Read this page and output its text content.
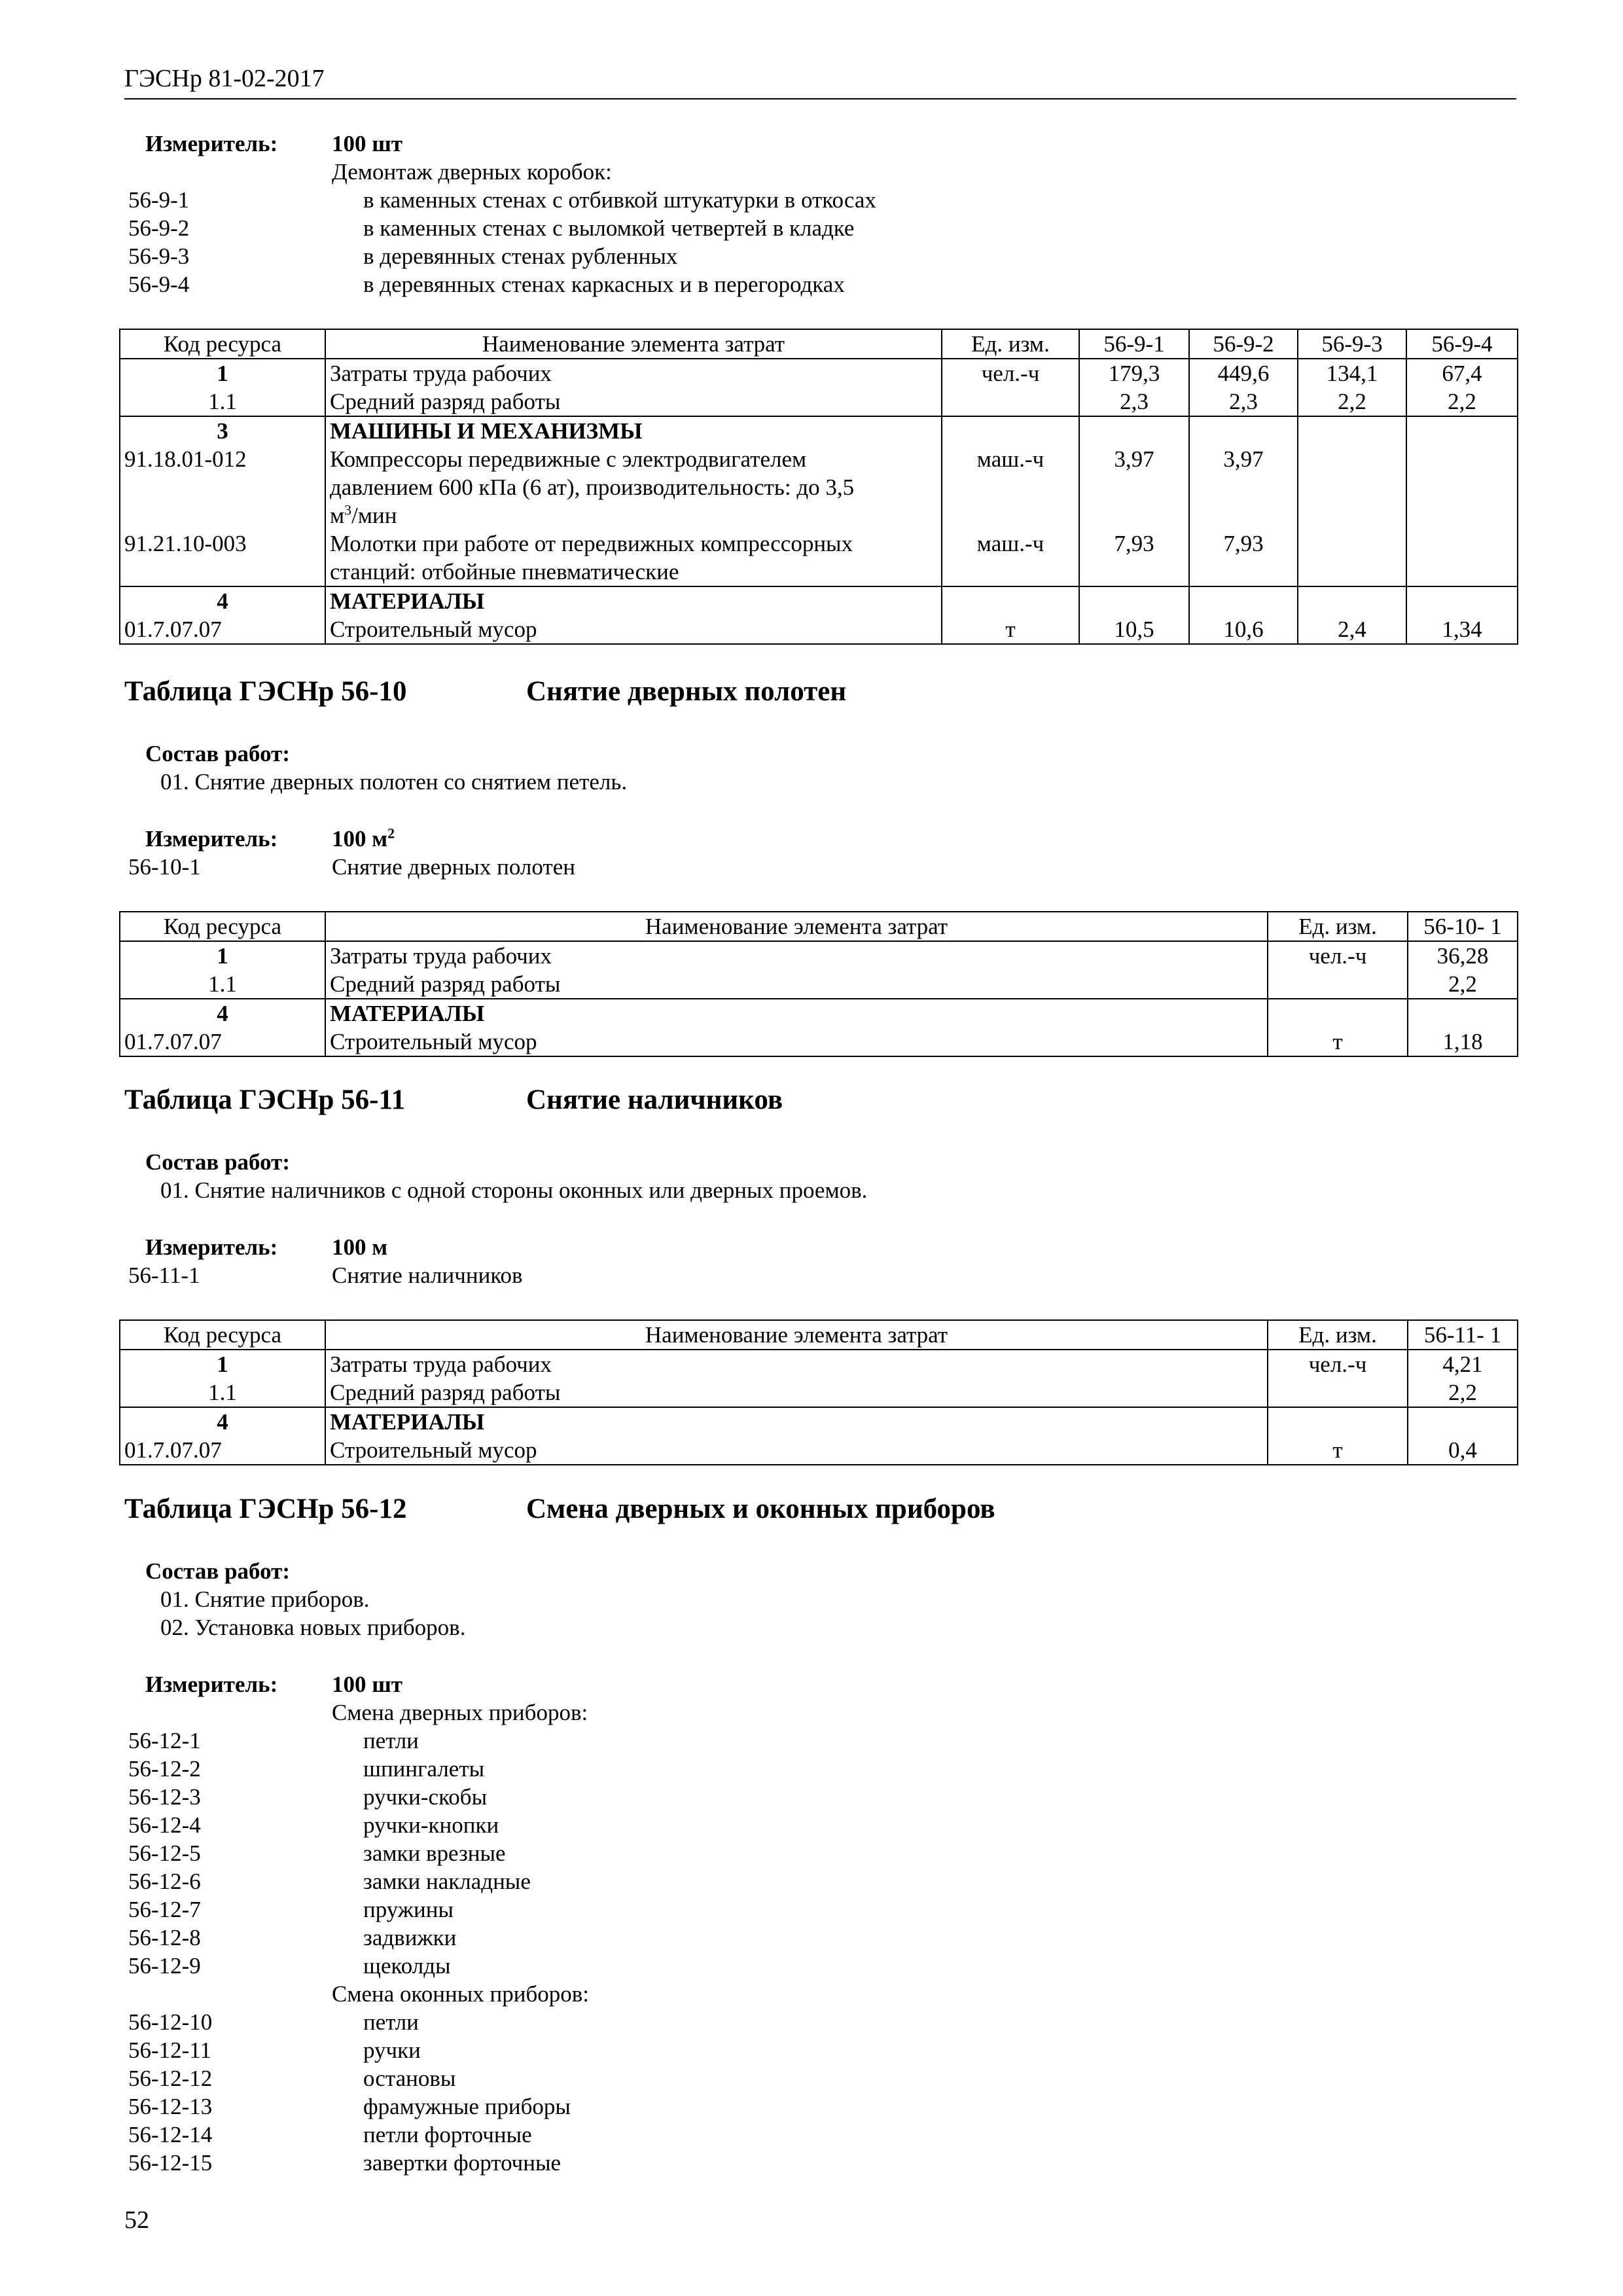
ГЭСНр 81-02-2017
Измеритель: 100 шт
Демонтаж дверных коробок:
56-9-1	в каменных стенах с отбивкой штукатурки в откосах
56-9-2	в каменных стенах с выломкой четвертей в кладке
56-9-3	в деревянных стенах рубленных
56-9-4	в деревянных стенах каркасных и в перегородках
Код ресурса	Наименование элемента затрат	Ед. изм.	56-9-1	56-9-2	56-9-3	56-9-4
1	Затраты труда рабочих	чел.-ч	179,3	449,6	134,1	67,4
1.1	Средний разряд работы		2,3	2,3	2,2	2,2
3	МАШИНЫ И МЕХАНИЗМЫ					
91.18.01-012	Компрессоры передвижные с электродвигателем
давлением 600 кПа (6 ат), производительность: до 3,5
$м^3$/мин	маш.-ч	3,97	3,97		
91.21.10-003	Молотки при работе от передвижных компрессорных
станций: отбойные пневматические	маш.-ч	7,93	7,93		
4	МАТЕРИАЛЫ					
01.7.07.07	Строительный мусор	т	10,5	10,6	2,4	1,34
Таблица ГЭСНр 56-10	Снятие дверных полотен
Состав работ:
01. Снятие дверных полотен со снятием петель.
Измеритель: 100 $м^2$
56-10-1	Снятие дверных полотен
Код ресурса	Наименование элемента затрат	Ед. изм.	56-10- 1
1	Затраты труда рабочих	чел.-ч	36,28
1.1	Средний разряд работы		2,2
4	МАТЕРИАЛЫ		
01.7.07.07	Строительный мусор	т	1,18
Таблица ГЭСНр 56-11	Снятие наличников
Состав работ:
01. Снятие наличников с одной стороны оконных или дверных проемов.
Измеритель: 100 м
56-11-1	Снятие наличников
Код ресурса	Наименование элемента затрат	Ед. изм.	56-11- 1
1	Затраты труда рабочих	чел.-ч	4,21
1.1	Средний разряд работы		2,2
4	МАТЕРИАЛЫ		
01.7.07.07	Строительный мусор	т	0,4
Таблица ГЭСНр 56-12	Смена дверных и оконных приборов
Состав работ:
01. Снятие приборов.
02. Установка новых приборов.
Измеритель: 100 шт
Смена дверных приборов:
56-12-1	петли
56-12-2	шпингалеты
56-12-3	ручки-скобы
56-12-4	ручки-кнопки
56-12-5	замки врезные
56-12-6	замки накладные
56-12-7	пружины
56-12-8	задвижки
56-12-9	щеколды
Смена оконных приборов:
56-12-10	петли
56-12-11	ручки
56-12-12	остановы
56-12-13	фрамужные приборы
56-12-14	петли форточные
56-12-15	завертки форточные
52
